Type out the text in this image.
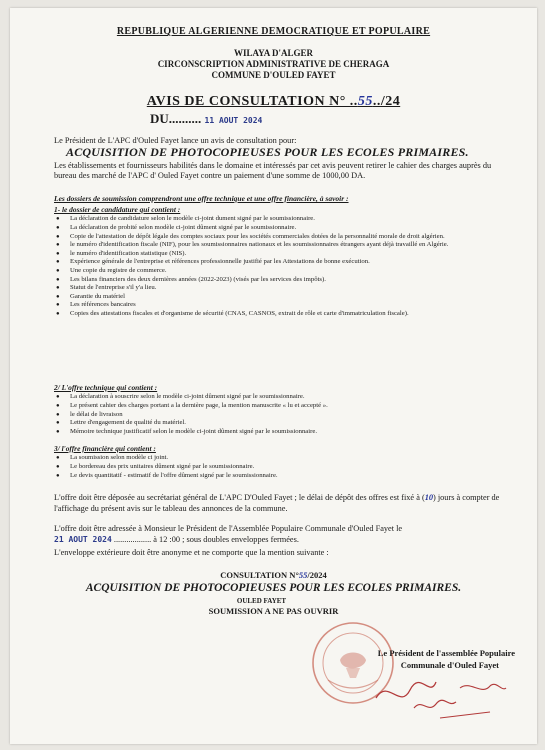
REPUBLIQUE ALGERIENNE DEMOCRATIQUE ET POPULAIRE
WILAYA D'ALGER
CIRCONSCRIPTION ADMINISTRATIVE DE CHERAGA
COMMUNE D'OULED FAYET
AVIS DE CONSULTATION N° ..55../24
DU.......... 11 AOUT 2024
Le Président de L'APC d'Ouled Fayet lance un avis de consultation pour:
ACQUISITION DE PHOTOCOPIEUSES POUR LES ECOLES PRIMAIRES.
Les établissements et fournisseurs habilités dans le domaine et intéressés par cet avis peuvent retirer le cahier des charges auprès du bureau des marché de l'APC d' Ouled Fayet contre un paiement d'une somme de 1000,00 DA.
Les dossiers de soumission comprendront une offre technique et une offre financière, à savoir :
1- le dossier de candidature qui contient :
● La déclaration de candidature selon le modèle ci-joint dument signé par le soumissionnaire.
● La déclaration de probité selon modèle ci-joint dûment signé par le soumissionnaire.
● Copie de l'attestation de dépôt légale des comptes sociaux pour les sociétés commerciales dotées de la personnalité morale de droit algérien.
● le numéro d'identification fiscale (NIF), pour les soumissionnaires nationaux et les soumissionnaires étrangers ayant déjà travaillé en Algérie.
● le numéro d'identification statistique (NIS).
● Expérience générale de l'entreprise et références professionnelle justifié par les Attestations de bonne exécution.
● Une copie du registre de commerce.
● Les bilans financiers des deux dernières années (2022-2023) (visés par les services des impôts).
● Statut de l'entreprise s'il y'a lieu.
● Garantie du matériel
● Les références bancaires
● Copies des attestations fiscales et d'organisme de sécurité (CNAS, CASNOS, extrait de rôle et carte d'immatriculation fiscale).
2/ L'offre technique qui contient :
● La déclaration à souscrire selon le modèle ci-joint dûment signé par le soumissionnaire.
● Le présent cahier des charges portant a la dernière page, la mention manuscrite « lu et accepté ».
● le délai de livraison
● Lettre d'engagement de qualité du matériel.
● Mémoire technique justificatif selon le modèle ci-joint dûment signé par le soumissionnaire.
3/ l'offre financière qui contient :
● La soumission selon modèle ci joint.
● Le bordereau des prix unitaires dûment signé par le soumissionnaire.
● Le devis quantitatif - estimatif de l'offre dûment signé par le soumissionnaire.
L'offre doit être déposée au secrétariat général de L'APC D'Ouled Fayet ; le délai de dépôt des offres est fixé à (10) jours à compter de l'affichage du présent avis sur le tableau des annonces de la commune.
L'offre doit être adressée à Monsieur le Président de l'Assemblée Populaire Communale d'Ouled Fayet le
21 AOUT 2024 .................. à 12 :00 ; sous doubles enveloppes fermées.
L'enveloppe extérieure doit être anonyme et ne comporte que la mention suivante :
CONSULTATION N°55/2024
ACQUISITION DE PHOTOCOPIEUSES POUR LES ECOLES PRIMAIRES.
OULED FAYET
SOUMISSION A NE PAS OUVRIR
Le Président de l'assemblée Populaire
Communale d'Ouled Fayet
